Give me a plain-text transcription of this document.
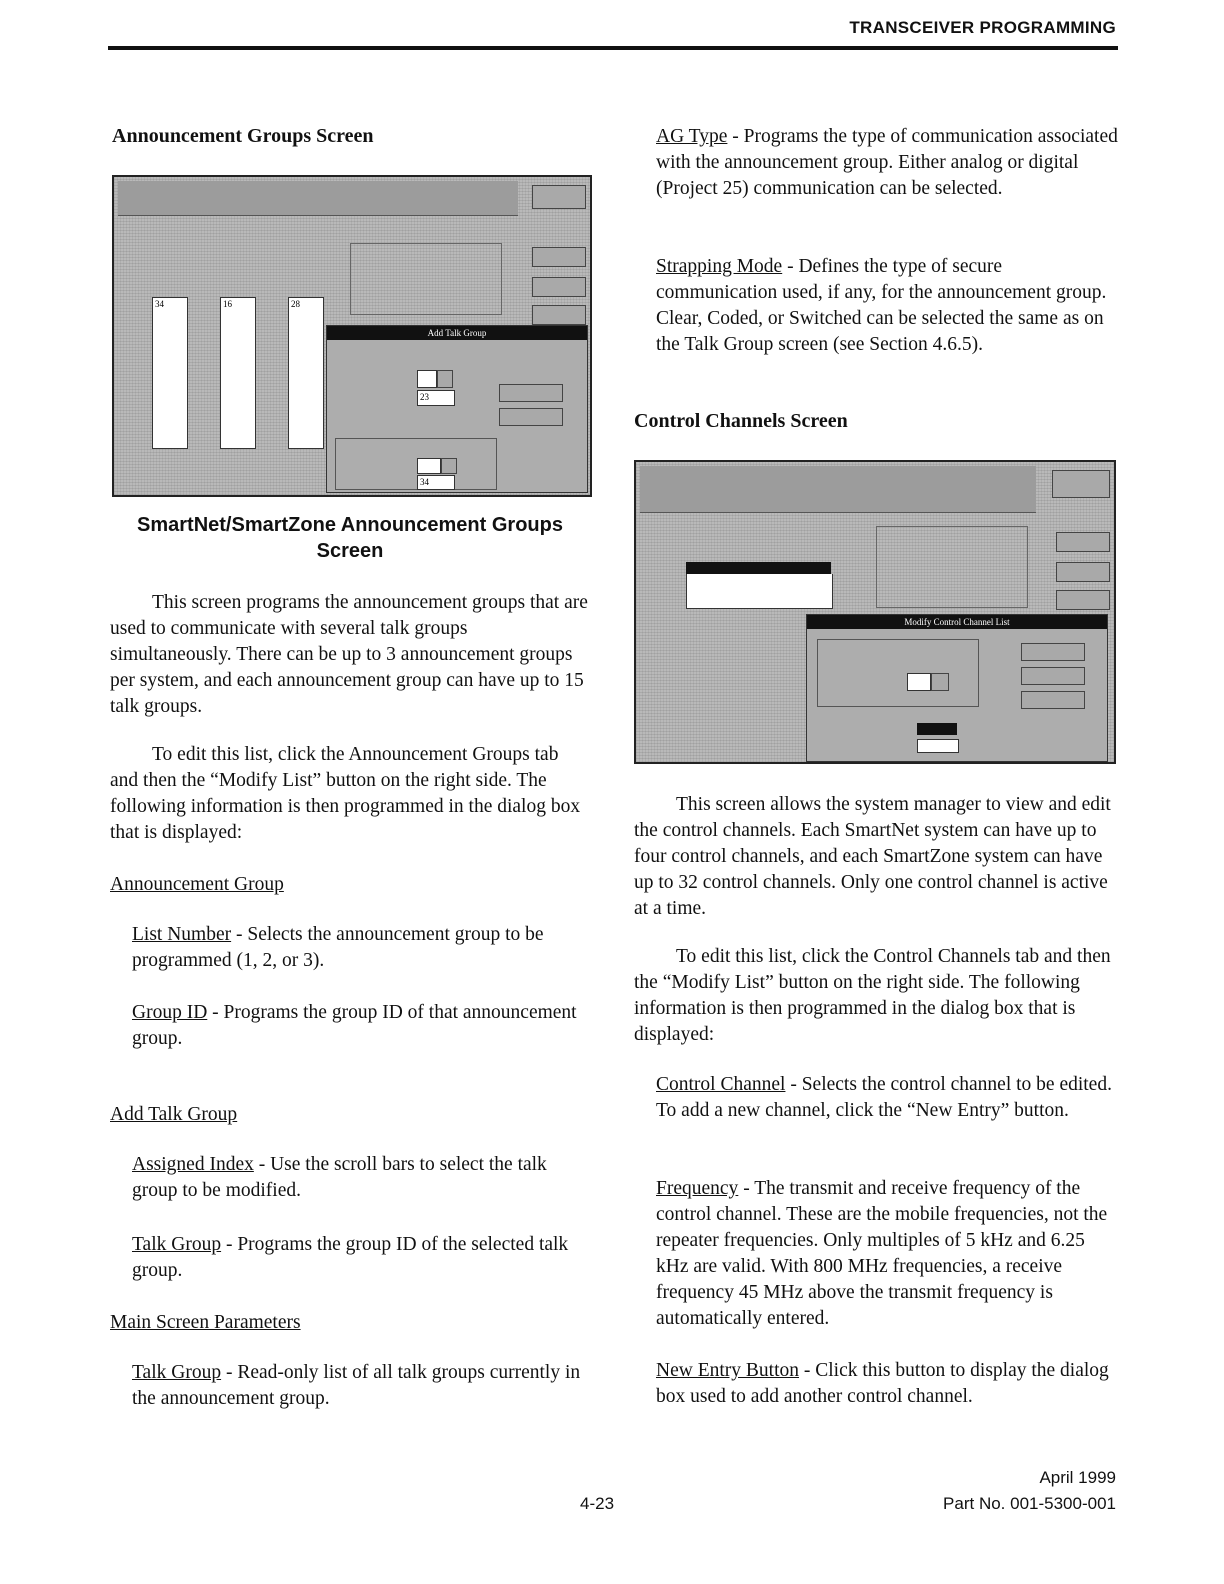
TRANSCEIVER PROGRAMMING
Announcement Groups Screen
34	16	28
Add Talk Group
23
34
SmartNet/SmartZone Announcement Groups Screen

This screen programs the announcement groups that are used to communicate with several talk groups simultaneously. There can be up to 3 announcement groups per system, and each announcement group can have up to 15 talk groups.

To edit this list, click the Announcement Groups tab and then the “Modify List” button on the right side. The following information is then programmed in the dialog box that is displayed:

Announcement Group

List Number - Selects the announcement group to be programmed (1, 2, or 3).

Group ID - Programs the group ID of that announcement group.

Add Talk Group

Assigned Index - Use the scroll bars to select the talk group to be modified.

Talk Group - Programs the group ID of the selected talk group.

Main Screen Parameters

Talk Group - Read-only list of all talk groups currently in the announcement group.

AG Type - Programs the type of communication associated with the announcement group. Either analog or digital (Project 25) communication can be selected.

Strapping Mode - Defines the type of secure communication used, if any, for the announcement group. Clear, Coded, or Switched can be selected the same as on the Talk Group screen (see Section 4.6.5).

Control Channels Screen
Modify Control Channel List

This screen allows the system manager to view and edit the control channels. Each SmartNet system can have up to four control channels, and each SmartZone system can have up to 32 control channels. Only one control channel is active at a time.

To edit this list, click the Control Channels tab and then the “Modify List” button on the right side. The following information is then programmed in the dialog box that is displayed:

Control Channel - Selects the control channel to be edited. To add a new channel, click the “New Entry” button.

Frequency - The transmit and receive frequency of the control channel. These are the mobile frequencies, not the repeater frequencies. Only multiples of 5 kHz and 6.25 kHz are valid. With 800 MHz frequencies, a receive frequency 45 MHz above the transmit frequency is automatically entered.

New Entry Button - Click this button to display the dialog box used to add another control channel.

4-23
April 1999
Part No. 001-5300-001
